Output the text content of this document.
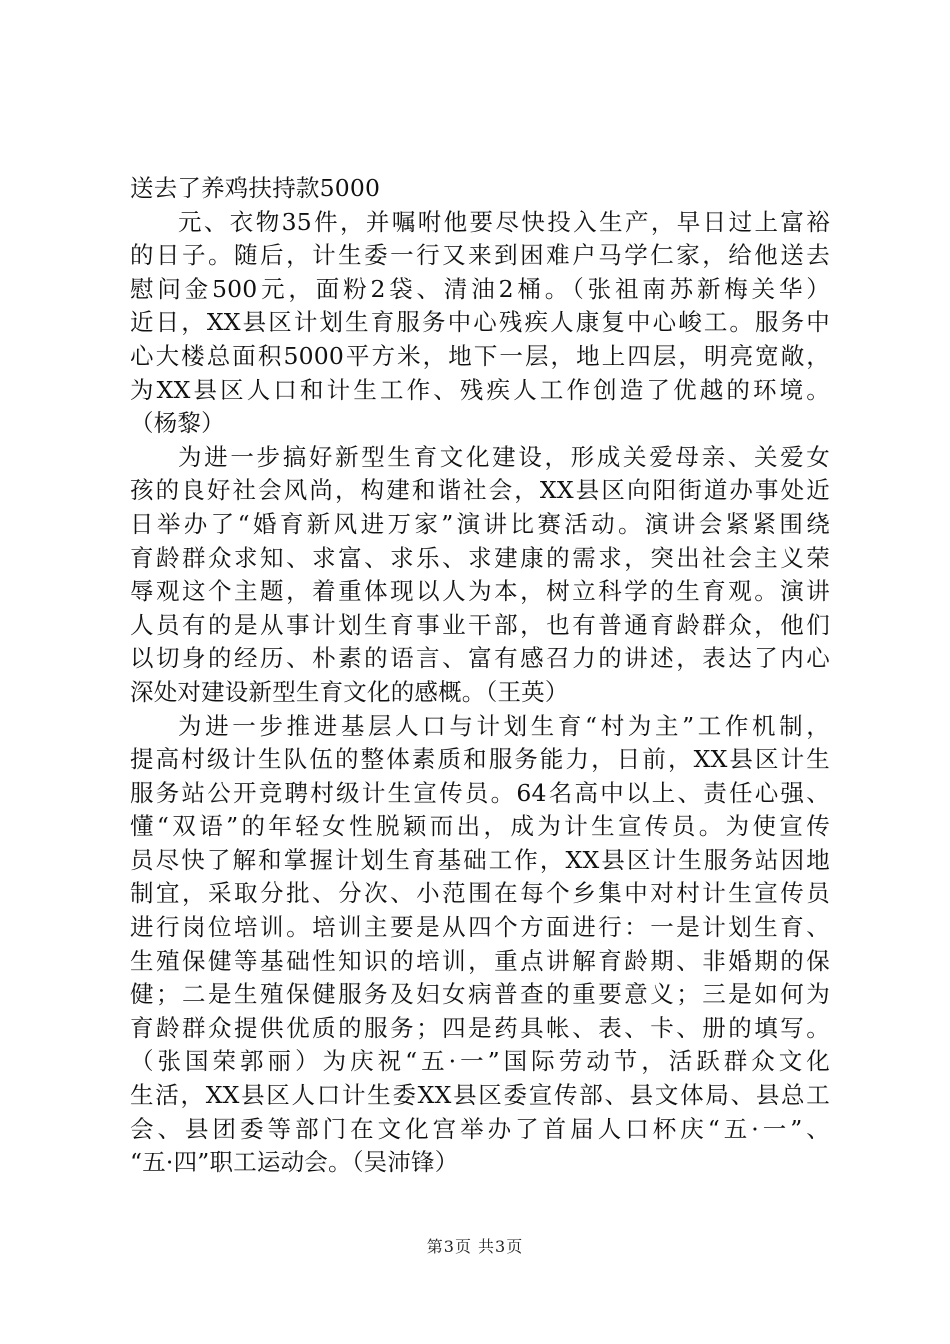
送去了养鸡扶持款5000
元、衣物35件，并嘱咐他要尽快投入生产，早日过上富裕
的日子。随后，计生委一行又来到困难户马学仁家，给他送去
慰问金500元，面粉2袋、清油2桶。（张祖南苏新梅关华）
近日，XX县区计划生育服务中心残疾人康复中心峻工。服务中
心大楼总面积5000平方米，地下一层，地上四层，明亮宽敞，
为XX县区人口和计生工作、残疾人工作创造了优越的环境。
（杨黎）
为进一步搞好新型生育文化建设，形成关爱母亲、关爱女
孩的良好社会风尚，构建和谐社会，XX县区向阳街道办事处近
日举办了“婚育新风进万家”演讲比赛活动。演讲会紧紧围绕
育龄群众求知、求富、求乐、求建康的需求，突出社会主义荣
辱观这个主题，着重体现以人为本，树立科学的生育观。演讲
人员有的是从事计划生育事业干部，也有普通育龄群众，他们
以切身的经历、朴素的语言、富有感召力的讲述，表达了内心
深处对建设新型生育文化的感概。（王英）
为进一步推进基层人口与计划生育“村为主”工作机制，
提高村级计生队伍的整体素质和服务能力，日前，XX县区计生
服务站公开竞聘村级计生宣传员。64名高中以上、责任心强、
懂“双语”的年轻女性脱颖而出，成为计生宣传员。为使宣传
员尽快了解和掌握计划生育基础工作，XX县区计生服务站因地
制宜，采取分批、分次、小范围在每个乡集中对村计生宣传员
进行岗位培训。培训主要是从四个方面进行：一是计划生育、
生殖保健等基础性知识的培训，重点讲解育龄期、非婚期的保
健；二是生殖保健服务及妇女病普查的重要意义；三是如何为
育龄群众提供优质的服务；四是药具帐、表、卡、册的填写。
（张国荣郭丽）为庆祝“五·一”国际劳动节，活跃群众文化
生活，XX县区人口计生委XX县区委宣传部、县文体局、县总工
会、县团委等部门在文化宫举办了首届人口杯庆“五·一”、
“五·四”职工运动会。（吴沛锋）
第3页 共3页
